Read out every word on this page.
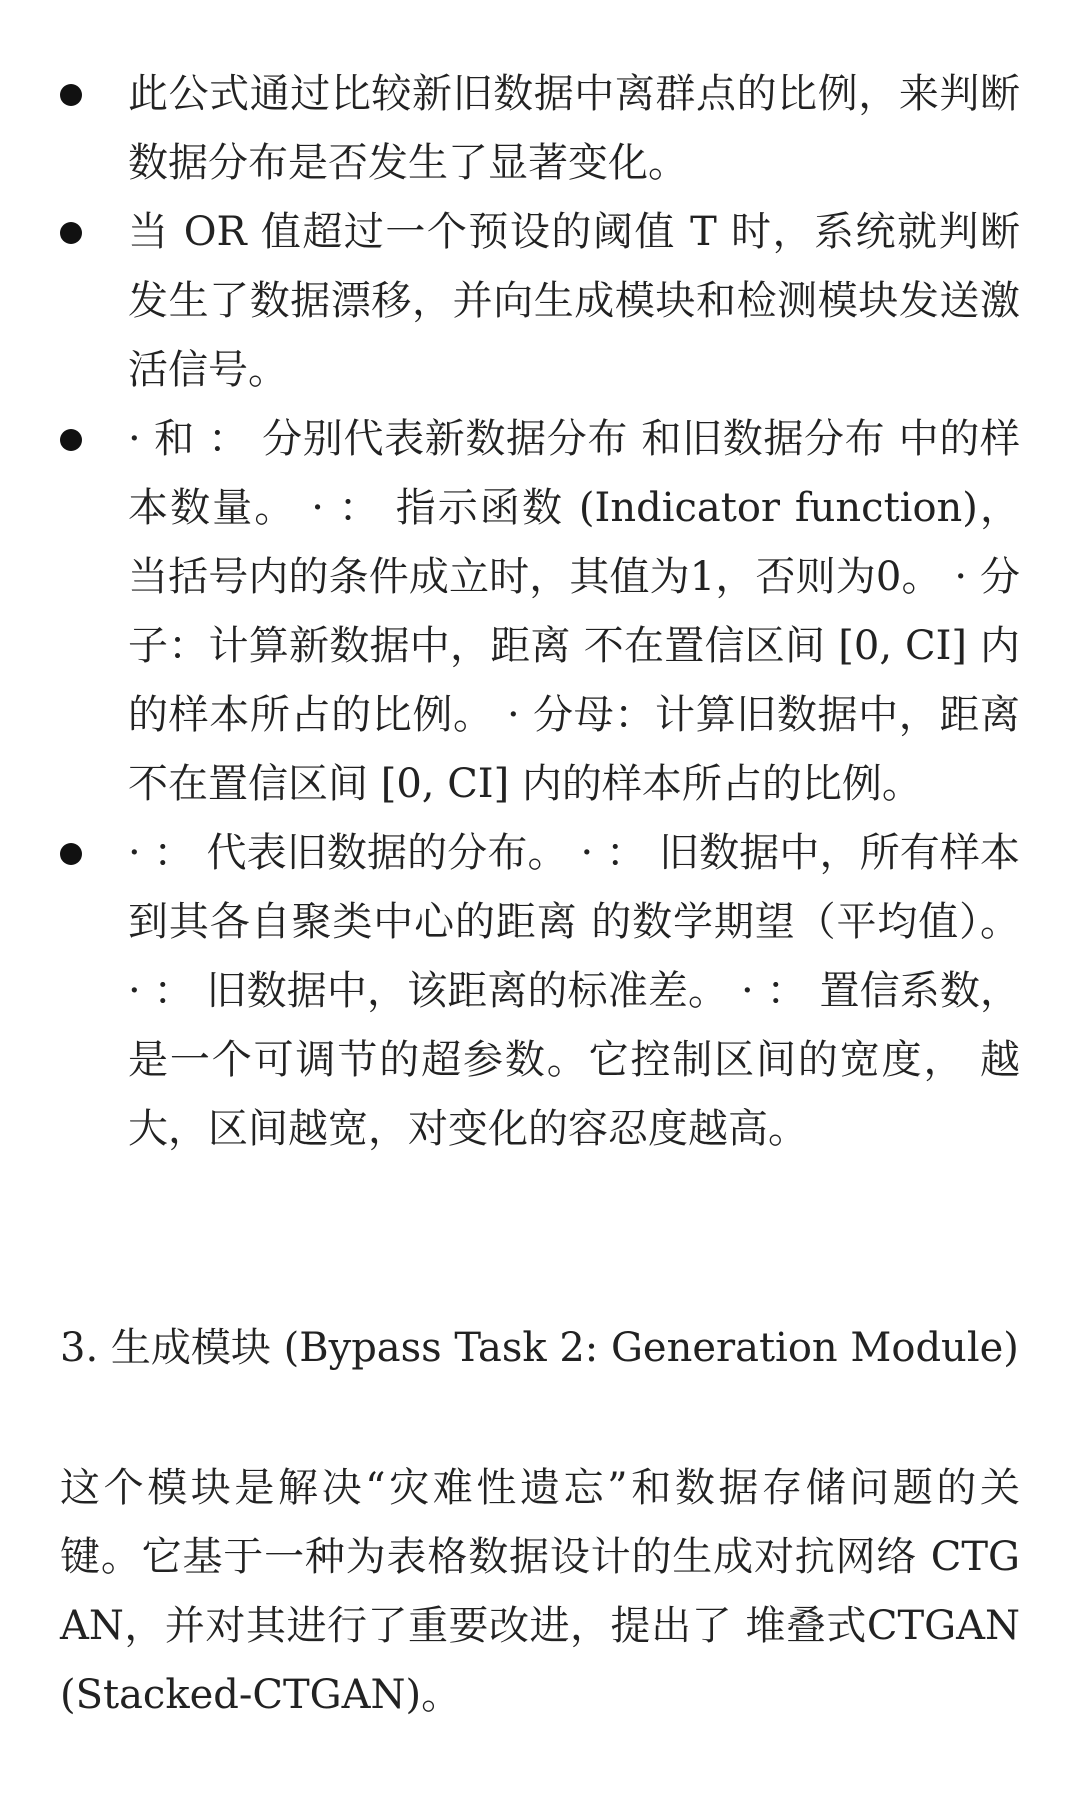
此公式通过比较新旧数据中离群点的比例，来判断数据分布是否发生了显著变化。
当 OR 值超过一个预设的阈值 T 时，系统就判断发生了数据漂移，并向生成模块和检测模块发送激活信号。
· 和 ： 分别代表新数据分布 和旧数据分布 中的样本数量。 · ： 指示函数 (Indicator function)，当括号内的条件成立时，其值为1，否则为0。 · 分子：计算新数据中，距离 不在置信区间 [0, CI] 内的样本所占的比例。 · 分母：计算旧数据中，距离 不在置信区间 [0, CI] 内的样本所占的比例。
· ： 代表旧数据的分布。 · ： 旧数据中，所有样本到其各自聚类中心的距离 的数学期望（平均值）。 · ： 旧数据中，该距离的标准差。 · ： 置信系数，是一个可调节的超参数。它控制区间的宽度， 越大，区间越宽，对变化的容忍度越高。
3. 生成模块 (Bypass Task 2: Generation Module)
这个模块是解决“灾难性遗忘”和数据存储问题的关键。它基于一种为表格数据设计的生成对抗网络 CTGAN，并对其进行了重要改进，提出了 堆叠式CTGAN (Stacked-CTGAN)。
